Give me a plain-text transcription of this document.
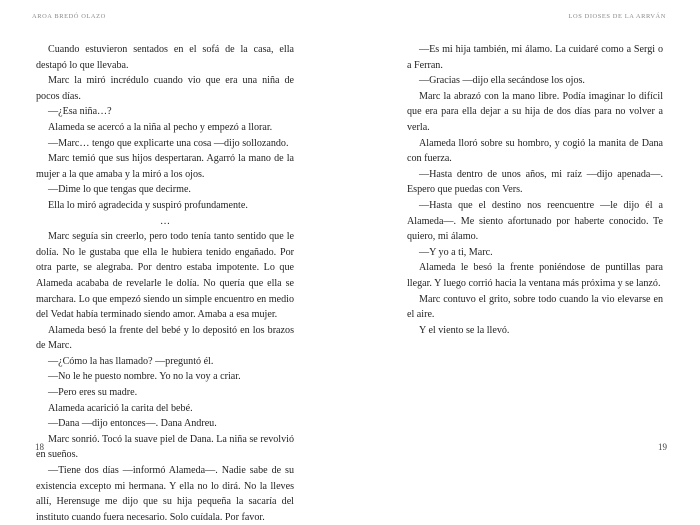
AROA BREDÓ OLAZO

Cuando estuvieron sentados en el sofá de la casa, ella destapó lo que llevaba.

Marc la miró incrédulo cuando vio que era una niña de pocos días.

—¿Esa niña…?

Alameda se acercó a la niña al pecho y empezó a llorar.

—Marc… tengo que explicarte una cosa —dijo sollozando.

Marc temió que sus hijos despertaran. Agarró la mano de la mujer a la que amaba y la miró a los ojos.

—Dime lo que tengas que decirme.

Ella lo miró agradecida y suspiró profundamente.

…

Marc seguía sin creerlo, pero todo tenía tanto sentido que le dolía. No le gustaba que ella le hubiera tenido engañado. Por otra parte, se alegraba. Por dentro estaba impotente. Lo que Alameda acababa de revelarle le dolía. No quería que ella se marchara. Lo que empezó siendo un simple encuentro en medio del Vedat había terminado siendo amor. Amaba a esa mujer.

Alameda besó la frente del bebé y lo depositó en los brazos de Marc.

—¿Cómo la has llamado? —preguntó él.

—No le he puesto nombre. Yo no la voy a criar.

—Pero eres su madre.

Alameda acarició la carita del bebé.

—Dana —dijo entonces—. Dana Andreu.

Marc sonrió. Tocó la suave piel de Dana. La niña se revolvió en sueños.

—Tiene dos días —informó Alameda—. Nadie sabe de su existencia excepto mi hermana. Y ella no lo dirá. No la lleves allí, Herensuge me dijo que su hija pequeña la sacaría del instituto cuando fuera necesario. Solo cuídala. Por favor.

18
LOS DIOSES DE LA ARRVÁN

—Es mi hija también, mi álamo. La cuidaré como a Sergi o a Ferran.

—Gracias —dijo ella secándose los ojos.

Marc la abrazó con la mano libre. Podía imaginar lo difícil que era para ella dejar a su hija de dos días para no volver a verla.

Alameda lloró sobre su hombro, y cogió la manita de Dana con fuerza.

—Hasta dentro de unos años, mi raíz —dijo apenada—. Espero que puedas con Vers.

—Hasta que el destino nos reencuentre —le dijo él a Alameda—. Me siento afortunado por haberte conocido. Te quiero, mi álamo.

—Y yo a ti, Marc.

Alameda le besó la frente poniéndose de puntillas para llegar. Y luego corrió hacia la ventana más próxima y se lanzó.

Marc contuvo el grito, sobre todo cuando la vio elevarse en el aire.

Y el viento se la llevó.

19
